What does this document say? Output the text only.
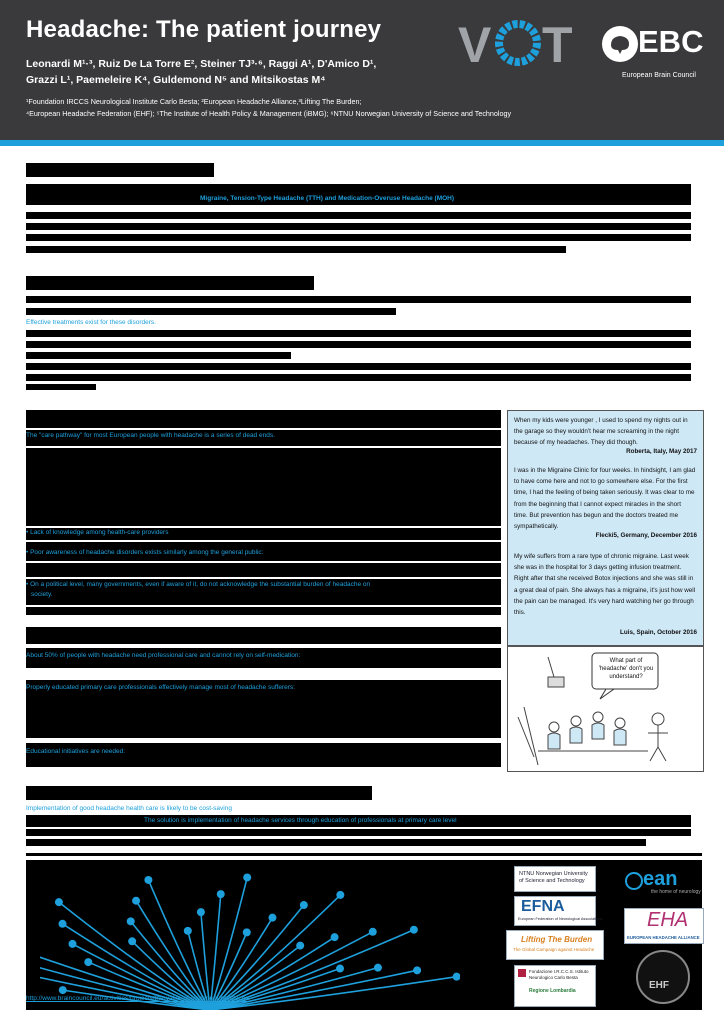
Headache: The patient journey
Leonardi M¹·³, Ruiz De La Torre E², Steiner TJ³·⁶, Raggi A¹, D'Amico D¹,
Grazzi L¹, Paemeleire K⁴, Guldemond N⁵ and Mitsikostas M⁴
¹Foundation IRCCS Neurological Institute Carlo Besta; ²European Headache Alliance,³Lifting The Burden;
⁴European Headache Federation (EHF); ⁵The Institute of Health Policy & Management (iBMG); ⁶NTNU Norwegian University of Science and Technology
V T EBC
European Brain Council
Migraine, Tension-Type Headache (TTH) and Medication-Overuse Headache (MOH)
Effective treatments exist for these disorders.
The "care pathway" for most European people with headache is a series of dead ends.
• Lack of knowledge among health-care providers
• Poor awareness of headache disorders exists similarly among the general public:
• On a political level, many governments, even if aware of it, do not acknowledge the substantial burden of headache on
society.
About 50% of people with headache need professional care and cannot rely on self-medication:
Properly educated primary care professionals effectively manage most of headache sufferers:
Educational initiatives are needed:
When my kids were younger , I used to spend my nights out in the garage so they wouldn't hear me screaming in the night because of my headaches. They did though.
Roberta, Italy, May 2017
I was in the Migraine Clinic for four weeks. In hindsight, I am glad to have come here and not to go somewhere else. For the first time, I had the feeling of being taken seriously. It was clear to me from the beginning that I cannot expect miracles in the short time. But prevention has begun and the doctors treated me sympathetically.
Flecki5, Germany, December 2016
My wife suffers from a rare type of chronic migraine. Last week she was in the hospital for 3 days getting infusion treatment. Right after that she received Botox injections and she was still in a great deal of pain. She always has a migraine, it's just how well the pain can be managed. It's very hard watching her go through this.
Luis, Spain, October 2016
What part of 'headache' don't you understand?
Implementation of good headache health care is likely to be cost-saving
The solution is implementation of headache services through education of professionals at primary care level
http://www.braincouncil.eu/activities/projects/the-value-of-treatment/headache
NTNU Norwegian University of Science and Technology	ean
the home of neurology
EFNA
European Federation of Neurological Associations EHA
EUROPEAN HEADACHE ALLIANCE
Lifting The Burden
The Global Campaign against Headache
Fondazione I.R.C.C.S. Istituto Neurologico Carlo Besta
Regione Lombardia	EHF
